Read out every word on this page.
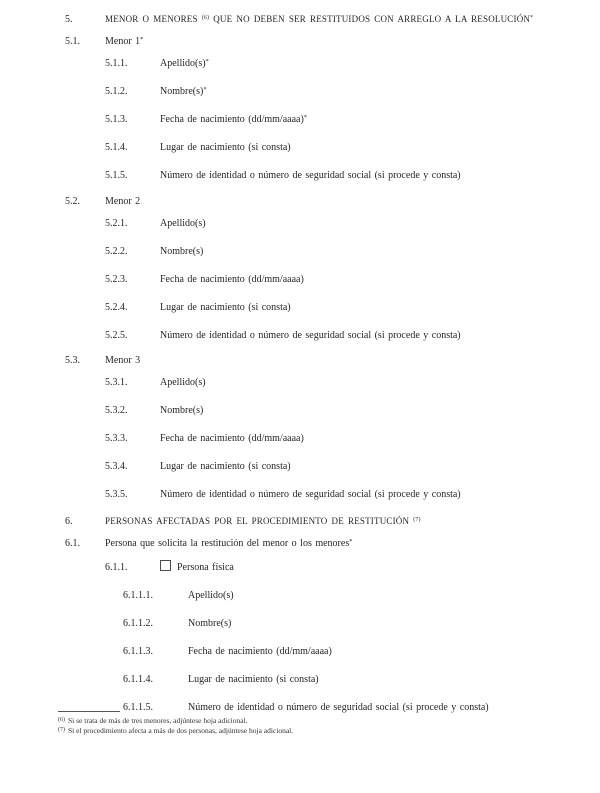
5.	MENOR O MENORES $^{(6)}$ QUE NO DEBEN SER RESTITUIDOS CON ARREGLO A LA RESOLUCIÓN*
5.1.	Menor 1*
5.1.1.	Apellido(s)*
5.1.2.	Nombre(s)*
5.1.3.	Fecha de nacimiento (dd/mm/aaaa)*
5.1.4.	Lugar de nacimiento (si consta)
5.1.5.	Número de identidad o número de seguridad social (si procede y consta)
5.2.	Menor 2
5.2.1.	Apellido(s)
5.2.2.	Nombre(s)
5.2.3.	Fecha de nacimiento (dd/mm/aaaa)
5.2.4.	Lugar de nacimiento (si consta)
5.2.5.	Número de identidad o número de seguridad social (si procede y consta)
5.3.	Menor 3
5.3.1.	Apellido(s)
5.3.2.	Nombre(s)
5.3.3.	Fecha de nacimiento (dd/mm/aaaa)
5.3.4.	Lugar de nacimiento (si consta)
5.3.5.	Número de identidad o número de seguridad social (si procede y consta)
6.	PERSONAS AFECTADAS POR EL PROCEDIMIENTO DE RESTITUCIÓN $^{(7)}$
6.1.	Persona que solicita la restitución del menor o los menores*
6.1.1.	Persona física
6.1.1.1.	Apellido(s)
6.1.1.2.	Nombre(s)
6.1.1.3.	Fecha de nacimiento (dd/mm/aaaa)
6.1.1.4.	Lugar de nacimiento (si consta)
6.1.1.5.	Número de identidad o número de seguridad social (si procede y consta)
$^{(6)}$ Si se trata de más de tres menores, adjúntese hoja adicional.
$^{(7)}$ Si el procedimiento afecta a más de dos personas, adjúntese hoja adicional.
